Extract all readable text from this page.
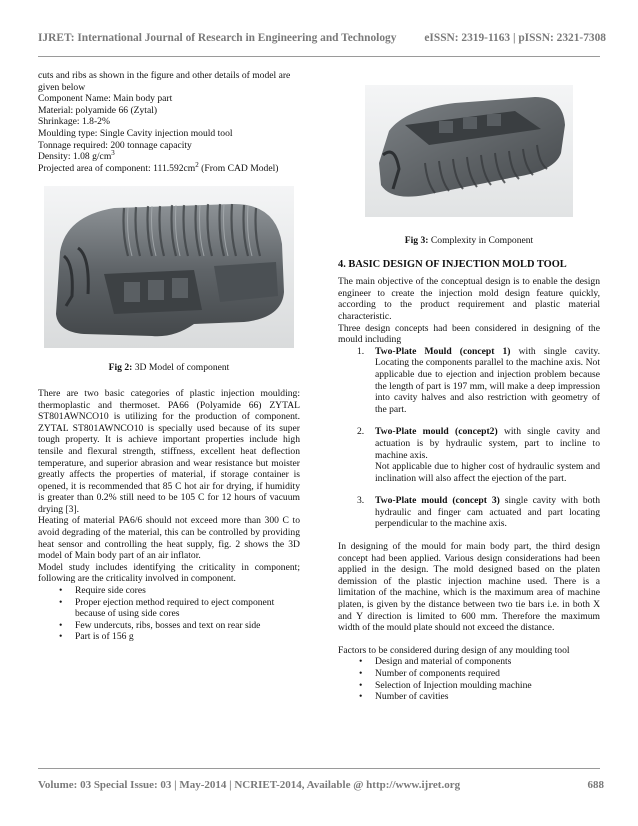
IJRET: International Journal of Research in Engineering and Technology eISSN: 2319-1163 | pISSN: 2321-7308

cuts and ribs as shown in the figure and other details of model are given below

Component Name: Main body part

Material: polyamide 66 (Zytal)

Shrinkage: 1.8-2%

Moulding type: Single Cavity injection mould tool

Tonnage required: 200 tonnage capacity

Density: 1.08 $g/cm^3$

Projected area of component: $111.592cm^2$ (From CAD Model)

Fig 2: 3D Model of component

There are two basic categories of plastic injection moulding: thermoplastic and thermoset. PA66 (Polyamide 66) ZYTAL ST801AWNCO10 is utilizing for the production of component. ZYTAL ST801AWNCO10 is specially used because of its super tough property. It is achieve important properties include high tensile and flexural strength, stiffness, excellent heat deflection temperature, and superior abrasion and wear resistance but moister greatly affects the properties of material, if storage container is opened, it is recommended that 85 C hot air for drying, if humidity is greater than 0.2% still need to be 105 C for 12 hours of vacuum drying [3].

Heating of material PA6/6 should not exceed more than 300 C to avoid degrading of the material, this can be controlled by providing heat sensor and controlling the heat supply, fig. 2 shows the 3D model of Main body part of an air inflator.

Model study includes identifying the criticality in component; following are the criticality involved in component.

• Require side cores
• Proper ejection method required to eject component because of using side cores
• Few undercuts, ribs, bosses and text on rear side
• Part is of 156 g

Fig 3: Complexity in Component

4. BASIC DESIGN OF INJECTION MOLD TOOL

The main objective of the conceptual design is to enable the design engineer to create the injection mold design feature quickly, according to the product requirement and plastic material characteristic.

Three design concepts had been considered in designing of the mould including

1. Two-Plate Mould (concept 1) with single cavity. Locating the components parallel to the machine axis. Not applicable due to ejection and injection problem because the length of part is 197 mm, will make a deep impression into cavity halves and also restriction with geometry of the part.
2. Two-Plate mould (concept2) with single cavity and actuation is by hydraulic system, part to incline to machine axis.
Not applicable due to higher cost of hydraulic system and inclination will also affect the ejection of the part.
3. Two-Plate mould (concept 3) single cavity with both hydraulic and finger cam actuated and part locating perpendicular to the machine axis.

In designing of the mould for main body part, the third design concept had been applied. Various design considerations had been applied in the design. The mold designed based on the platen demission of the plastic injection machine used. There is a limitation of the machine, which is the maximum area of machine platen, is given by the distance between two tie bars i.e. in both X and Y direction is limited to 600 mm. Therefore the maximum width of the mould plate should not exceed the distance.

Factors to be considered during design of any moulding tool

• Design and material of components
• Number of components required
• Selection of Injection moulding machine
• Number of cavities
Volume: 03 Special Issue: 03 | May-2014 | NCRIET-2014, Available @ http://www.ijret.org	688
